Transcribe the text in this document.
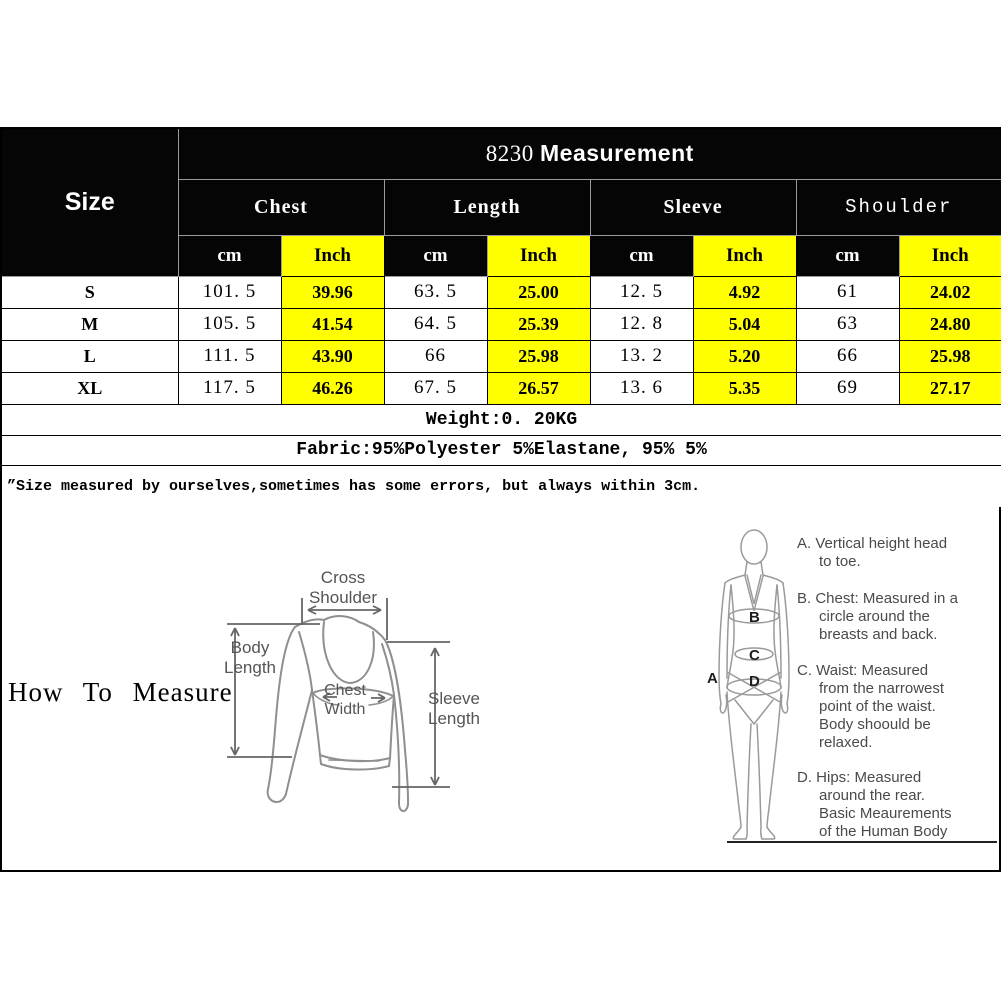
Size	8230 Measurement							
	Chest		Length		Sleeve		Shoulder	
	cm	Inch	cm	Inch	cm	Inch	cm	Inch
S	101. 5	39.96	63. 5	25.00	12. 5	4.92	61	24.02
M	105. 5	41.54	64. 5	25.39	12. 8	5.04	63	24.80
L	111. 5	43.90	66	25.98	13. 2	5.20	66	25.98
XL	117. 5	46.26	67. 5	26.57	13. 6	5.35	69	27.17
Weight:0. 20KG								
Fabric:95%Polyester 5%Elastane, 95% 5%								
”Size measured by ourselves,sometimes has some errors, but always within 3cm.								
How To Measure
Cross
Shoulder
Body
Length
Chest
Width
Sleeve
Length
A
B
C
D
A. Vertical height head
to toe.
B. Chest: Measured in a
circle around the
breasts and back.
C. Waist: Measured
from the narrowest
point of the waist.
Body shoould be
relaxed.
D. Hips: Measured
around the rear.
Basic Meaurements
of the Human Body
